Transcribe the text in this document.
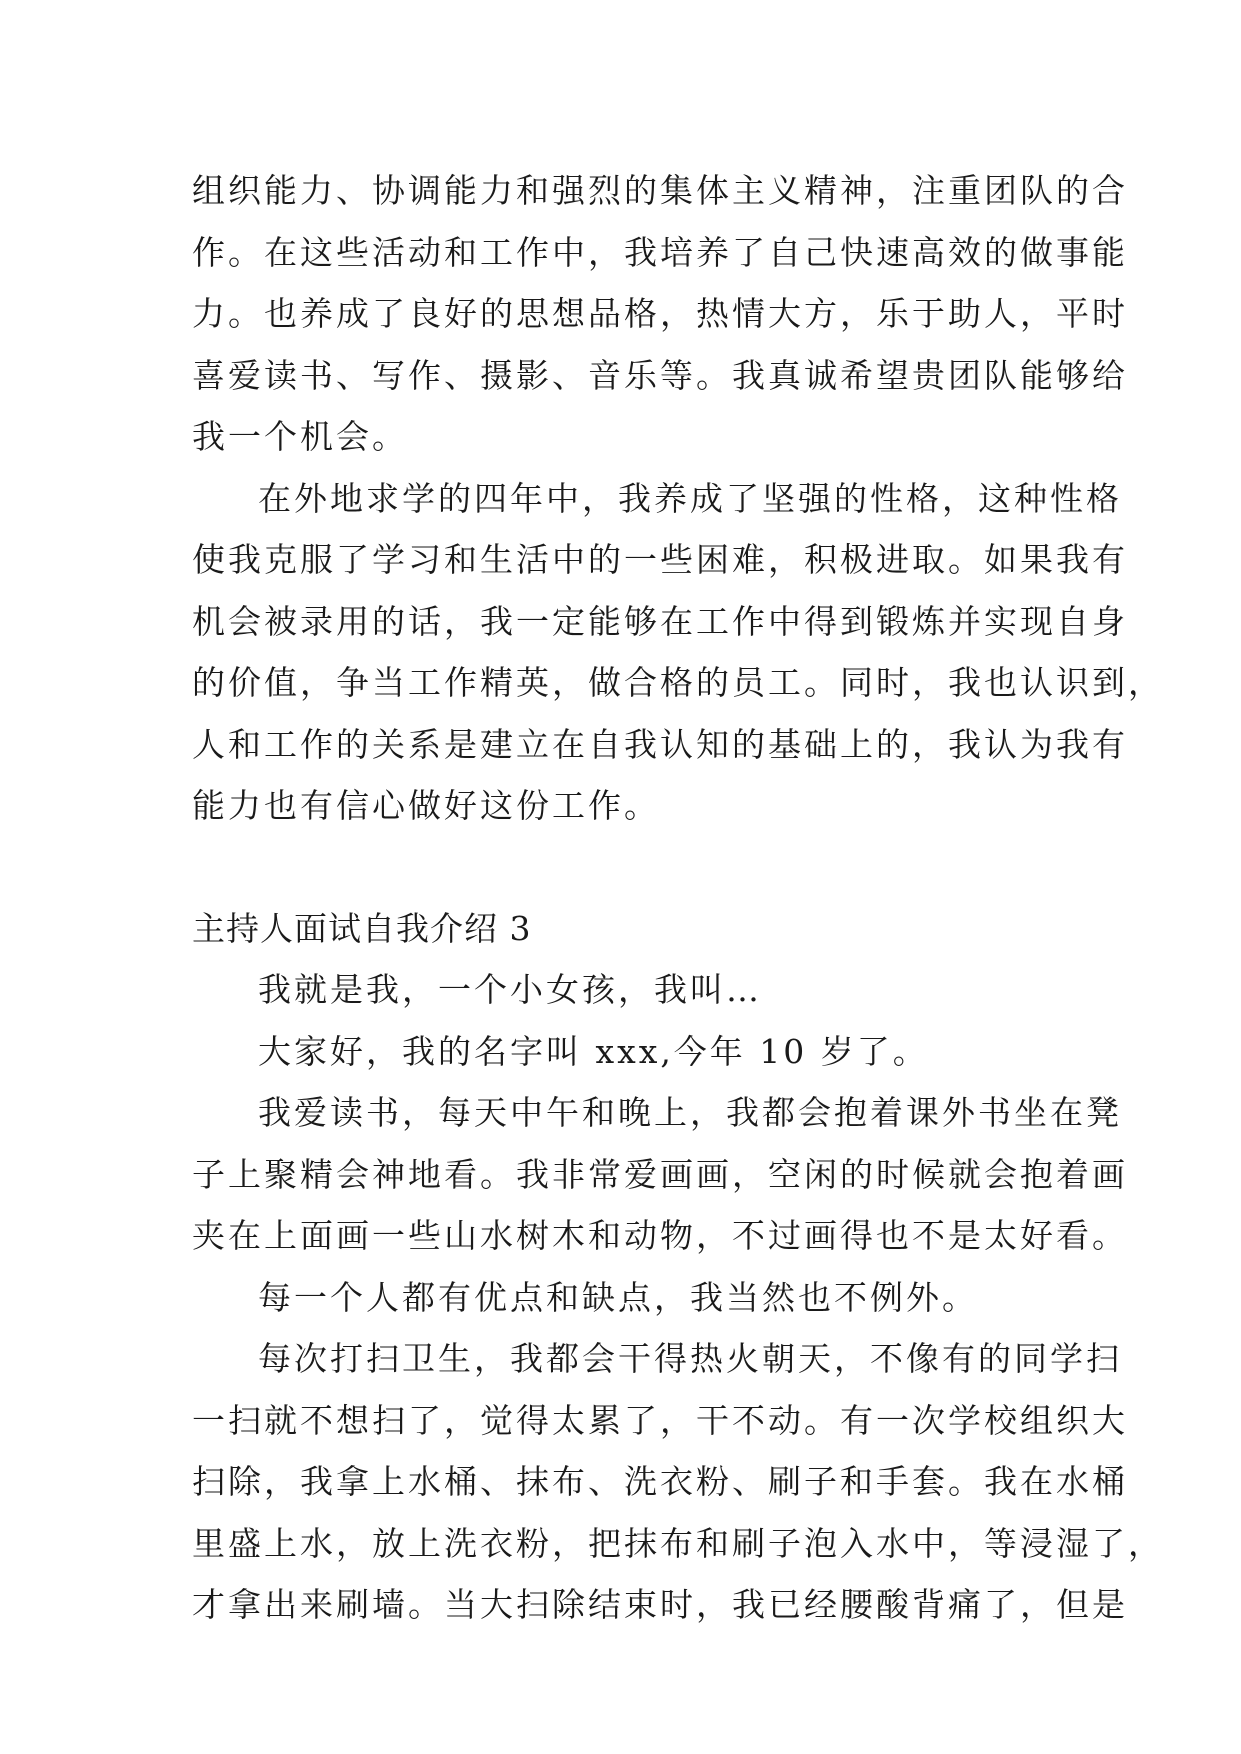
组织能力、协调能力和强烈的集体主义精神，注重团队的合
作。在这些活动和工作中，我培养了自己快速高效的做事能
力。也养成了良好的思想品格，热情大方，乐于助人，平时
喜爱读书、写作、摄影、音乐等。我真诚希望贵团队能够给
我一个机会。
在外地求学的四年中，我养成了坚强的性格，这种性格
使我克服了学习和生活中的一些困难，积极进取。如果我有
机会被录用的话，我一定能够在工作中得到锻炼并实现自身
的价值，争当工作精英，做合格的员工。同时，我也认识到，
人和工作的关系是建立在自我认知的基础上的，我认为我有
能力也有信心做好这份工作。
主持人面试自我介绍 3
我就是我，一个小女孩，我叫…
大家好，我的名字叫 xxx,今年 10 岁了。
我爱读书，每天中午和晚上，我都会抱着课外书坐在凳
子上聚精会神地看。我非常爱画画，空闲的时候就会抱着画
夹在上面画一些山水树木和动物，不过画得也不是太好看。
每一个人都有优点和缺点，我当然也不例外。
每次打扫卫生，我都会干得热火朝天，不像有的同学扫
一扫就不想扫了，觉得太累了，干不动。有一次学校组织大
扫除，我拿上水桶、抹布、洗衣粉、刷子和手套。我在水桶
里盛上水，放上洗衣粉，把抹布和刷子泡入水中，等浸湿了，
才拿出来刷墙。当大扫除结束时，我已经腰酸背痛了，但是
